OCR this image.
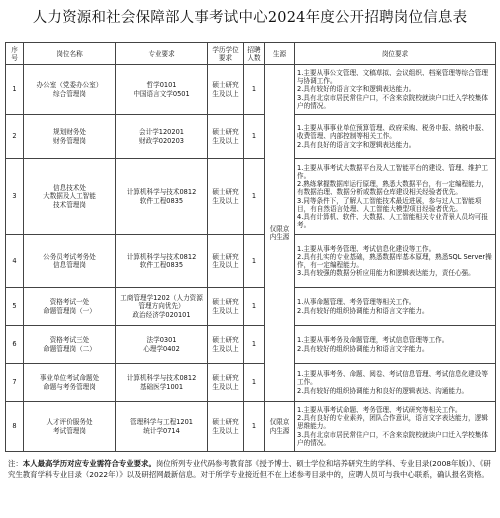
人力资源和社会保障部人事考试中心2024年度公开招聘岗位信息表
序号	岗位名称	专业要求	学历学位要求	招聘人数	生源	岗位要求
1	办公室（党委办公室）
综合管理岗	哲学0101
中国语言文学0501	硕士研究生及以上	1	仅限京内生源	1.主要从事公文管理、文稿草拟、会议组织、档案管理等综合管理与协调工作。
2.具有较好的语言文字和逻辑表达能力。
3.具有北京市居民常住户口，不含来京院校就读户口迁入学校集体户的情况。
2	规划财务处
财务管理岗	会计学120201
财政学020203	硕士研究生及以上	1		1.主要从事事业单位预算管理、政府采购、税务申报、纳税申报、收费管理、内部控制等相关工作。
2.具有良好的语言文字和逻辑表达能力。
3	信息技术处
大数据及人工智能
技术管理岗	计算机科学与技术0812
软件工程0835	硕士研究生及以上	1		1.主要从事考试大数据平台及人工智能平台的建设、管理、维护工作。
2.熟练掌握数据库运行原理，熟悉大数据平台，有一定编程能力，有数据治理、数据分析或数据仓库建设相关经验者优先。
3.同等条件下，了解人工智能技术最近进展，参与过人工智能项目，有自然语言处理、人工智能大模型项目经验者优先。
4.具有计算机、软件、大数据、人工智能相关专业背景人员均可报考。
4	公务员考试考务处
信息管理岗	计算机科学与技术0812
软件工程0835	硕士研究生及以上	1		1.主要从事考务管理、考试信息化建设等工作。
2.具有扎实的专业基础，熟悉数据库基本原理，熟悉SQL Server操作，有一定编程能力。
3.具有较强的数据分析应用能力和逻辑表达能力，责任心强。
5	资格考试一处
命题管理岗（一）	工商管理学1202（人力资源管理方向优先）
政治经济学020101	硕士研究生及以上	1		1.从事命题管理、考务管理等相关工作。
2.具有较好的组织协调能力和语言文字能力。
6	资格考试三处
命题管理岗（二）	法学0301
心理学0402	硕士研究生及以上	1		1.主要从事考务及命题管理，考试信息管理等工作。
2.具有较好的组织协调能力和语言文字能力。
7	事业单位考试命题处
命题与考务管理岗	计算机科学与技术0812
基础医学1001	硕士研究生及以上	1		1.主要从事考务、命题、阅卷、考试信息管理、考试信息化建设等工作。
2.具有较好的组织协调能力和良好的逻辑表达、沟通能力。
8	人才评价服务处
考试管理岗	管理科学与工程1201
统计学0714	硕士研究生及以上	1	仅限京内生源	1.主要从事考试命题、考务管理、考试研究等相关工作。
2.具有良好的专业素养，团队合作意识，语言文字表达能力，逻辑思维能力。
3.具有北京市居民常住户口，不含来京院校就读户口迁入学校集体户的情况。
注：本人最高学历对应专业需符合专业要求。岗位所列专业代码参考教育部《授予博士、硕士学位和培养研究生的学科、专业目录(2008年版)》、《研究生教育学科专业目录（2022年）》以及研招网最新信息。对于所学专业接近但不在上述参考目录中的，应聘人员可与我中心联系，确认报名资格。
